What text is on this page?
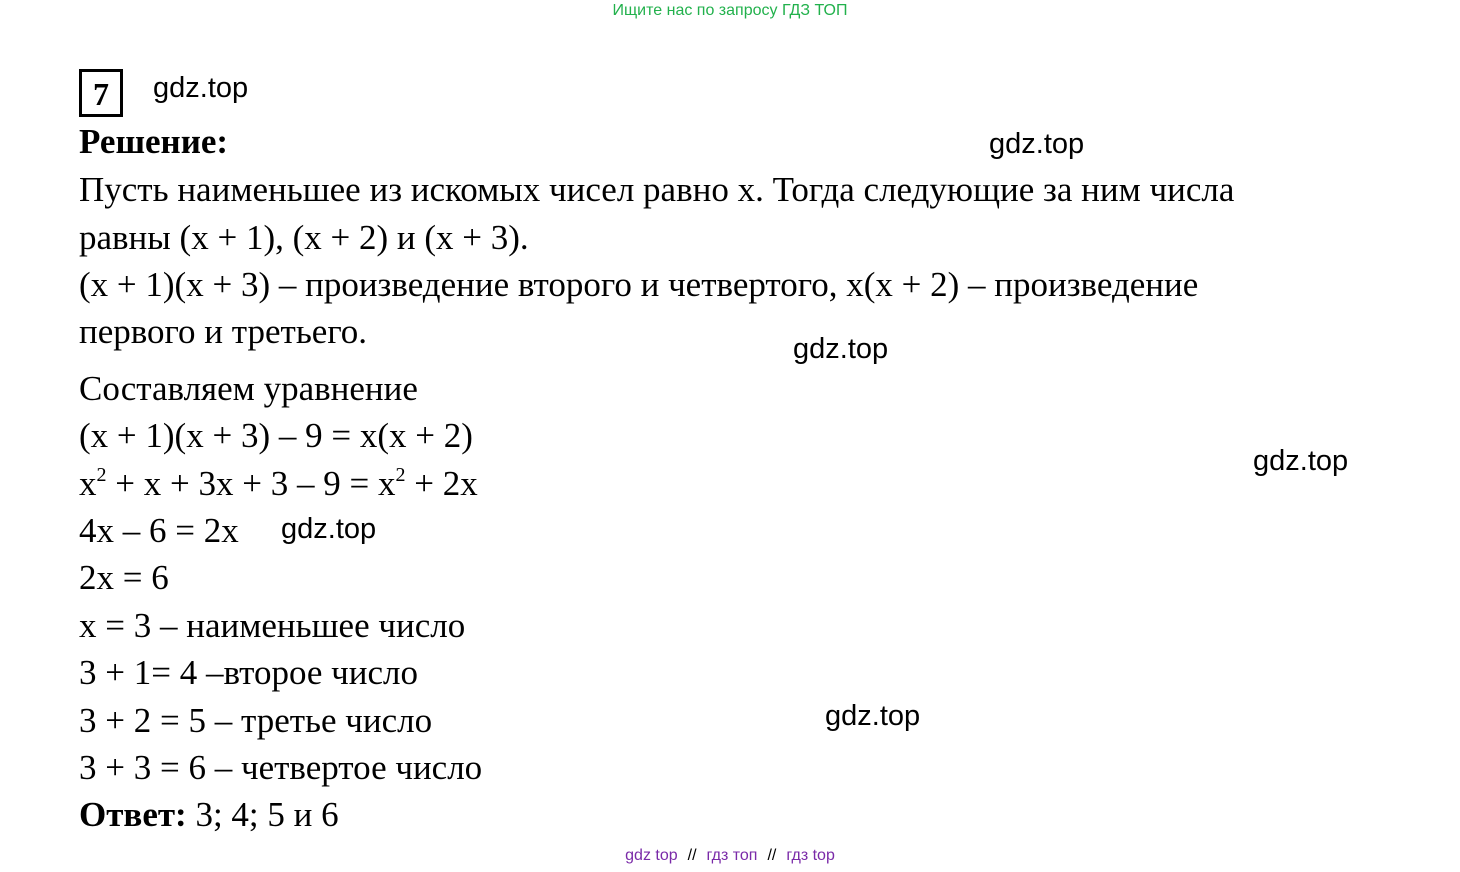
Ищите нас по запросу ГДЗ ТОП
7	gdz.top
gdz.top
gdz.top
gdz.top
gdz.top
gdz.top
Решение:
Пусть наименьшее из искомых чисел равно x. Тогда следующие за ним числа
равны (x + 1), (x + 2) и (x + 3).
(x + 1)(x + 3) – произведение второго и четвертого, x(x + 2) – произведение
первого и третьего.
Составляем уравнение
(x + 1)(x + 3) – 9 = x(x + 2)
$x^2 + x + 3x + 3 - 9 = x^2 + 2x$
4x – 6 = 2x
2x = 6
x = 3 – наименьшее число
3 + 1= 4 –второе число
3 + 2 = 5 – третье число
3 + 3 = 6 – четвертое число
Ответ: 3; 4; 5 и 6
gdz top // гдз топ // гдз top
